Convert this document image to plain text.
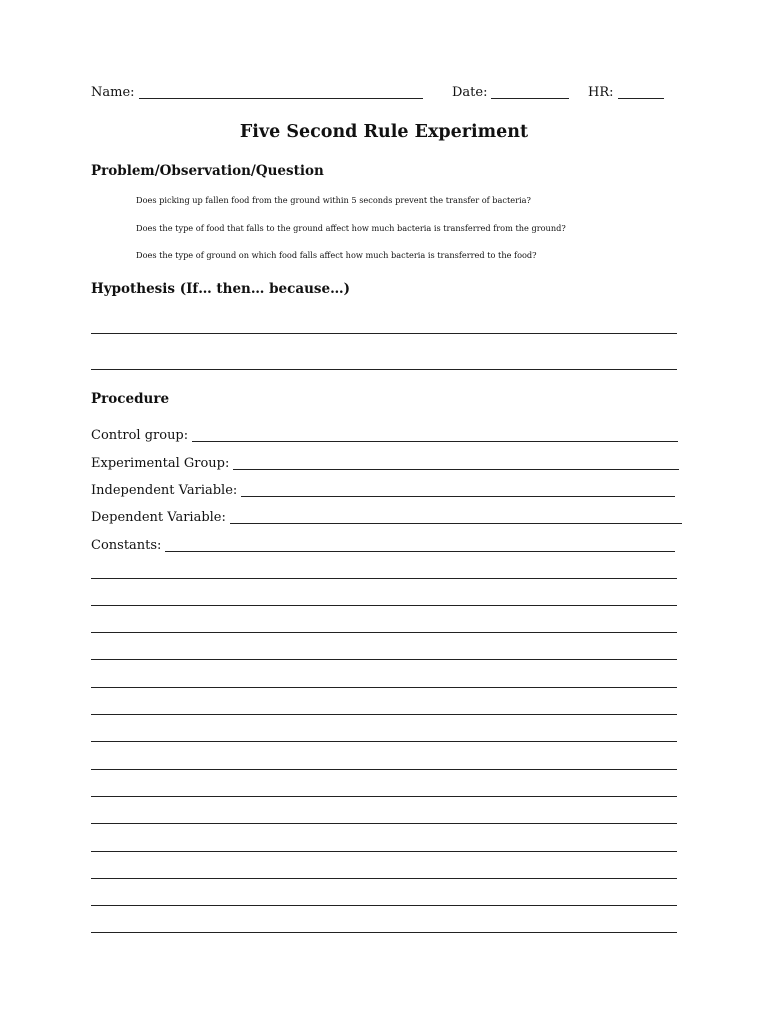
Name:	Date:	HR:
Five Second Rule Experiment
Problem/Observation/Question
Does picking up fallen food from the ground within 5 seconds prevent the transfer of bacteria?
Does the type of food that falls to the ground affect how much bacteria is transferred from the ground?
Does the type of ground on which food falls affect how much bacteria is transferred to the food?
Hypothesis (If… then… because…)
Procedure
Control group:
Experimental Group:
Independent Variable:
Dependent Variable:
Constants:
